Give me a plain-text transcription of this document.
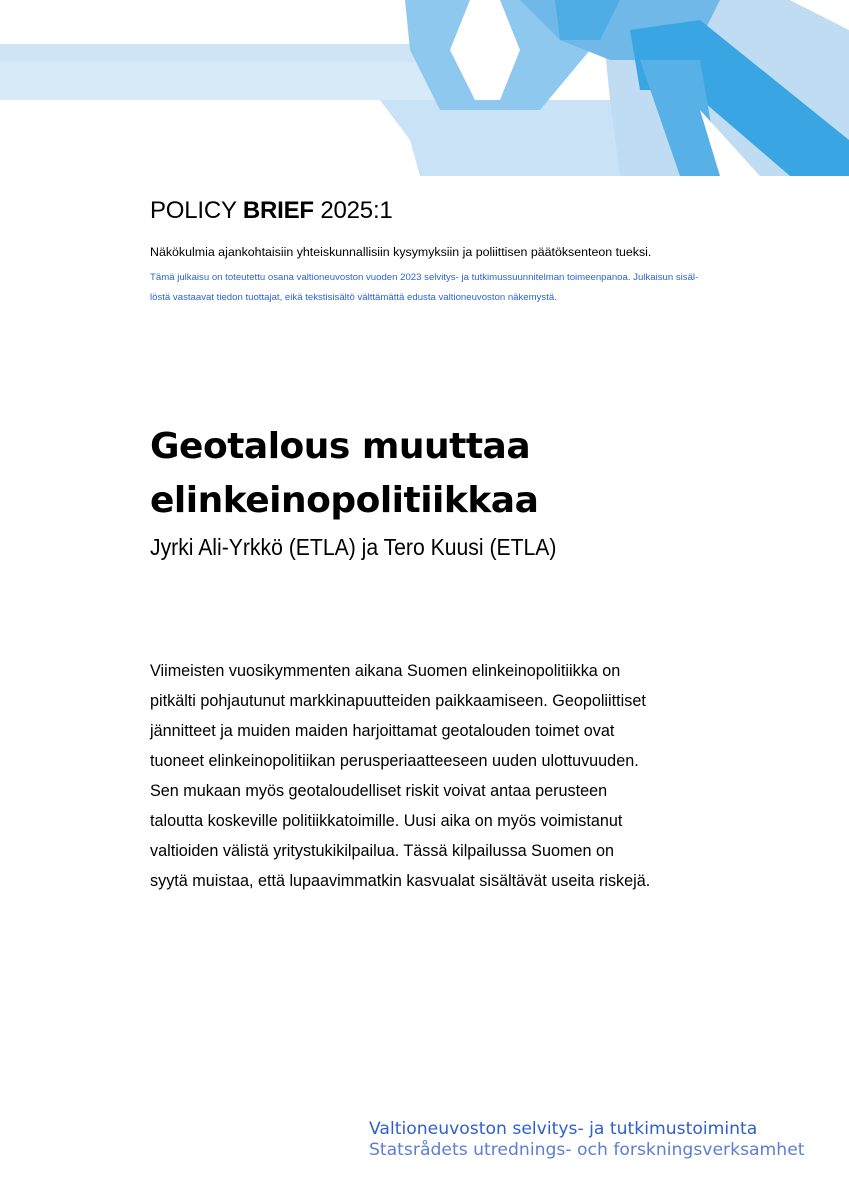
POLICY BRIEF 2025:1
Näkökulmia ajankohtaisiin yhteiskunnallisiin kysymyksiin ja poliittisen päätöksenteon tueksi.
Tämä julkaisu on toteutettu osana valtioneuvoston vuoden 2023 selvitys- ja tutkimussuunnitelman toimeenpanoa. Julkaisun sisäl-
löstä vastaavat tiedon tuottajat, eikä tekstisisältö välttämättä edusta valtioneuvoston näkemystä.
Geotalous muuttaa
elinkeinopolitiikkaa
Jyrki Ali-Yrkkö (ETLA) ja Tero Kuusi (ETLA)
Viimeisten vuosikymmenten aikana Suomen elinkeinopolitiikka on
pitkälti pohjautunut markkinapuutteiden paikkaamiseen. Geopoliittiset
jännitteet ja muiden maiden harjoittamat geotalouden toimet ovat
tuoneet elinkeinopolitiikan perusperiaatteeseen uuden ulottuvuuden.
Sen mukaan myös geotaloudelliset riskit voivat antaa perusteen
taloutta koskeville politiikkatoimille. Uusi aika on myös voimistanut
valtioiden välistä yritystukikilpailua. Tässä kilpailussa Suomen on
syytä muistaa, että lupaavimmatkin kasvualat sisältävät useita riskejä.
Valtioneuvoston selvitys- ja tutkimustoiminta
Statsrådets utrednings- och forskningsverksamhet
